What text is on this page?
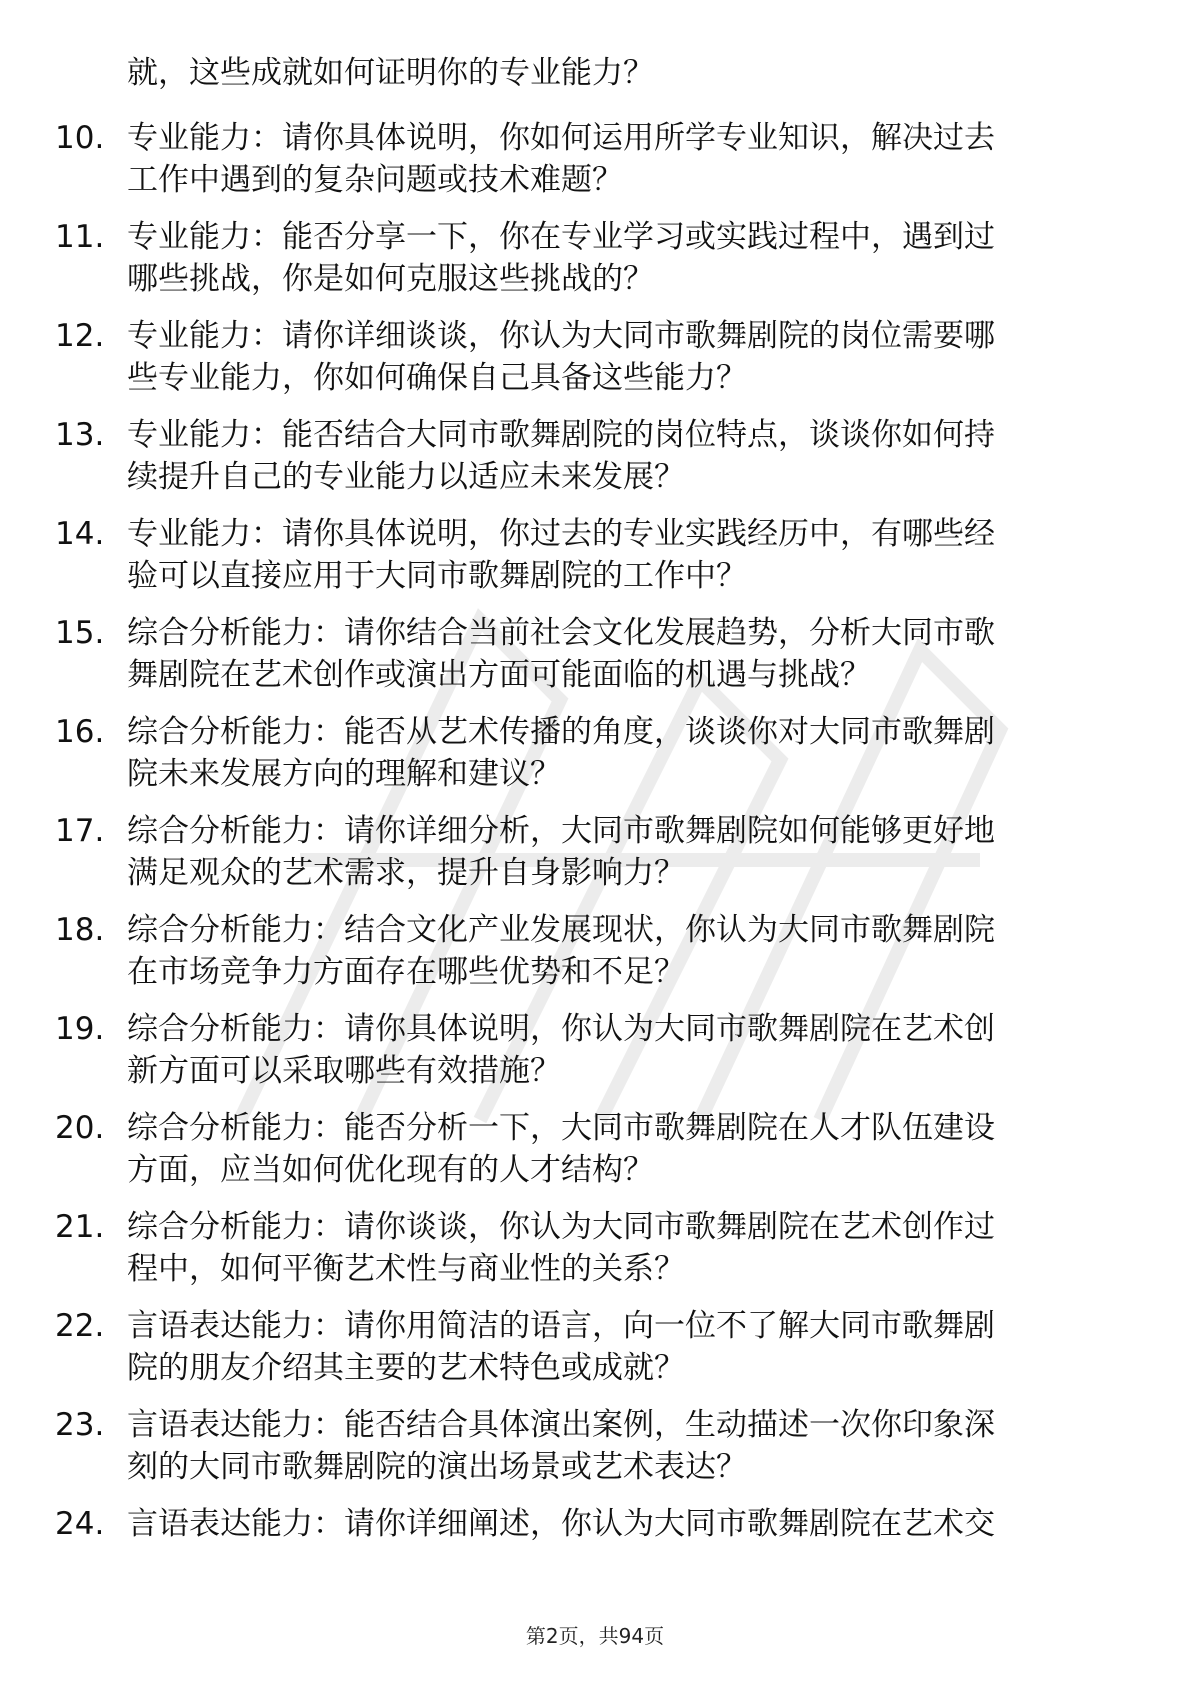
就，这些成就如何证明你的专业能力？
10. 专业能力：请你具体说明，你如何运用所学专业知识，解决过去
工作中遇到的复杂问题或技术难题？
11. 专业能力：能否分享一下，你在专业学习或实践过程中，遇到过
哪些挑战，你是如何克服这些挑战的？
12. 专业能力：请你详细谈谈，你认为大同市歌舞剧院的岗位需要哪
些专业能力，你如何确保自己具备这些能力？
13. 专业能力：能否结合大同市歌舞剧院的岗位特点，谈谈你如何持
续提升自己的专业能力以适应未来发展？
14. 专业能力：请你具体说明，你过去的专业实践经历中，有哪些经
验可以直接应用于大同市歌舞剧院的工作中？
15. 综合分析能力：请你结合当前社会文化发展趋势，分析大同市歌
舞剧院在艺术创作或演出方面可能面临的机遇与挑战？
16. 综合分析能力：能否从艺术传播的角度，谈谈你对大同市歌舞剧
院未来发展方向的理解和建议？
17. 综合分析能力：请你详细分析，大同市歌舞剧院如何能够更好地
满足观众的艺术需求，提升自身影响力？
18. 综合分析能力：结合文化产业发展现状，你认为大同市歌舞剧院
在市场竞争力方面存在哪些优势和不足？
19. 综合分析能力：请你具体说明，你认为大同市歌舞剧院在艺术创
新方面可以采取哪些有效措施？
20. 综合分析能力：能否分析一下，大同市歌舞剧院在人才队伍建设
方面，应当如何优化现有的人才结构？
21. 综合分析能力：请你谈谈，你认为大同市歌舞剧院在艺术创作过
程中，如何平衡艺术性与商业性的关系？
22. 言语表达能力：请你用简洁的语言，向一位不了解大同市歌舞剧
院的朋友介绍其主要的艺术特色或成就？
23. 言语表达能力：能否结合具体演出案例，生动描述一次你印象深
刻的大同市歌舞剧院的演出场景或艺术表达？
24. 言语表达能力：请你详细阐述，你认为大同市歌舞剧院在艺术交
第2页，共94页
